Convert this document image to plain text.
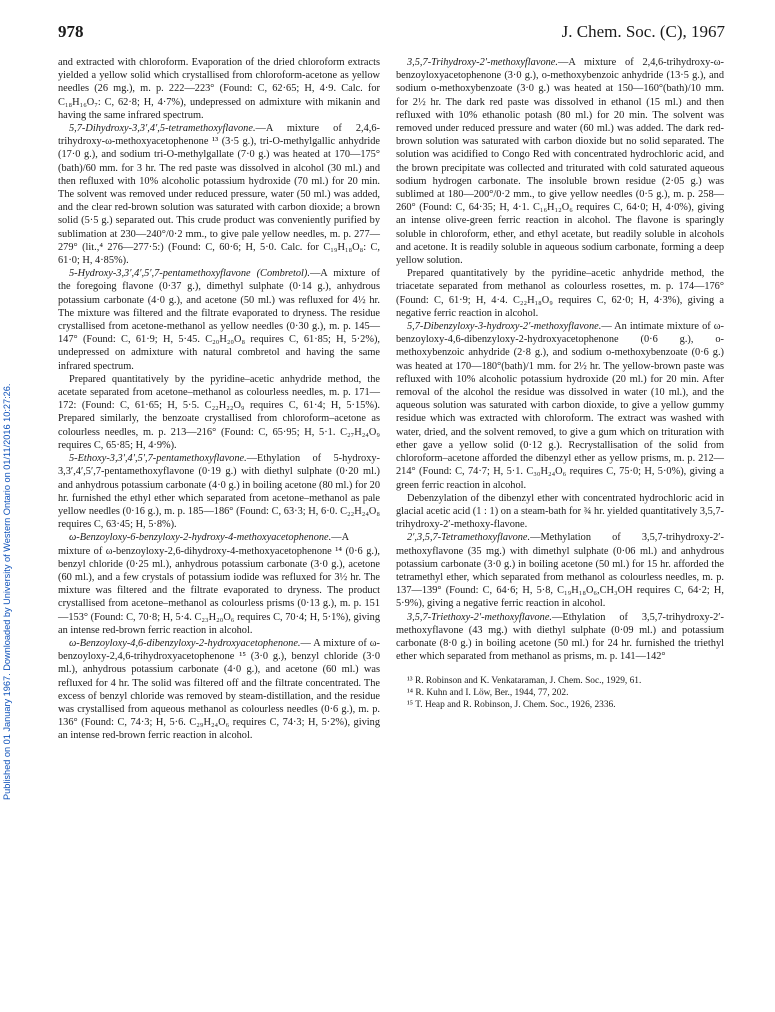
978	J. Chem. Soc. (C), 1967
Published on 01 January 1967. Downloaded by University of Western Ontario on 01/11/2016 10:27:26.

and extracted with chloroform. Evaporation of the dried chloroform extracts yielded a yellow solid which crystallised from chloroform-acetone as yellow needles (26 mg.), m. p. 222—223° (Found: C, 62·65; H, 4·9. Calc. for C₁₈H₁₆O₇: C, 62·8; H, 4·7%), undepressed on admixture with mikanin and having the same infrared spectrum.

5,7-Dihydroxy-3,3′,4′,5-tetramethoxyflavone.—A mixture of 2,4,6-trihydroxy-ω-methoxyacetophenone ¹³ (3·5 g.), tri-O-methylgallic anhydride (17·0 g.), and sodium tri-O-methylgallate (7·0 g.) was heated at 170—175°(bath)/60 mm. for 3 hr. The red paste was dissolved in alcohol (30 ml.) and then refluxed with 10% alcoholic potassium hydroxide (70 ml.) for 20 min. The solvent was removed under reduced pressure, water (50 ml.) was added, and the clear red-brown solution was saturated with carbon dioxide; a brown solid (5·5 g.) separated out. This crude product was conveniently purified by sublimation at 230—240°/0·2 mm., to give pale yellow needles, m. p. 277—279° (lit.,⁴ 276—277·5:) (Found: C, 60·6; H, 5·0. Calc. for C₁₉H₁₈O₈: C, 61·0; H, 4·85%).

5-Hydroxy-3,3′,4′,5′,7-pentamethoxyflavone (Combretol).—A mixture of the foregoing flavone (0·37 g.), dimethyl sulphate (0·14 g.), anhydrous potassium carbonate (4·0 g.), and acetone (50 ml.) was refluxed for 4½ hr. The mixture was filtered and the filtrate evaporated to dryness. The residue crystallised from acetone-methanol as yellow needles (0·30 g.), m. p. 145—147° (Found: C, 61·9; H, 5·45. C₂₀H₂₀O₈ requires C, 61·85; H, 5·2%), undepressed on admixture with natural combretol and having the same infrared spectrum.

Prepared quantitatively by the pyridine–acetic anhydride method, the acetate separated from acetone–methanol as colourless needles, m. p. 171—172: (Found: C, 61·65; H, 5·5. C₂₂H₂₂O₉ requires C, 61·4; H, 5·15%). Prepared similarly, the benzoate crystallised from chloroform–acetone as colourless needles, m. p. 213—216° (Found: C, 65·95; H, 5·1. C₂₇H₂₄O₉ requires C, 65·85; H, 4·9%).

5-Ethoxy-3,3′,4′,5′,7-pentamethoxyflavone.—Ethylation of 5-hydroxy-3,3′,4′,5′,7-pentamethoxyflavone (0·19 g.) with diethyl sulphate (0·20 ml.) and anhydrous potassium carbonate (4·0 g.) in boiling acetone (80 ml.) for 20 hr. furnished the ethyl ether which separated from acetone–methanol as pale yellow needles (0·16 g.), m. p. 185—186° (Found: C, 63·3; H, 6·0. C₂₂H₂₄O₈ requires C, 63·45; H, 5·8%).

ω-Benzoyloxy-6-benzyloxy-2-hydroxy-4-methoxyacetophenone.—A mixture of ω-benzoyloxy-2,6-dihydroxy-4-methoxyacetophenone ¹⁴ (0·6 g.), benzyl chloride (0·25 ml.), anhydrous potassium carbonate (3·0 g.), acetone (60 ml.), and a few crystals of potassium iodide was refluxed for 3½ hr. The mixture was filtered and the filtrate evaporated to dryness. The product crystallised from acetone–methanol as colourless prisms (0·13 g.), m. p. 151—153° (Found: C, 70·8; H, 5·4. C₂₃H₂₀O₆ requires C, 70·4; H, 5·1%), giving an intense red-brown ferric reaction in alcohol.

ω-Benzoyloxy-4,6-dibenzyloxy-2-hydroxyacetophenone.— A mixture of ω-benzoyloxy-2,4,6-trihydroxyacetophenone ¹⁵ (3·0 g.), benzyl chloride (3·0 ml.), anhydrous potassium carbonate (4·0 g.), and acetone (60 ml.) was refluxed for 4 hr. The solid was filtered off and the filtrate concentrated. The excess of benzyl chloride was removed by steam-distillation, and the residue was crystallised from aqueous methanol as colourless needles (0·6 g.), m. p. 136° (Found: C, 74·3; H, 5·6. C₂₉H₂₄O₆ requires C, 74·3; H, 5·2%), giving an intense red-brown ferric reaction in alcohol.

3,5,7-Trihydroxy-2′-methoxyflavone.—A mixture of 2,4,6-trihydroxy-ω-benzoyloxyacetophenone (3·0 g.), o-methoxybenzoic anhydride (13·5 g.), and sodium o-methoxybenzoate (3·0 g.) was heated at 150—160°(bath)/10 mm. for 2½ hr. The dark red paste was dissolved in ethanol (15 ml.) and then refluxed with 10% ethanolic potash (80 ml.) for 20 min. The solvent was removed under reduced pressure and water (60 ml.) was added. The dark red-brown solution was saturated with carbon dioxide but no solid separated. The solution was acidified to Congo Red with concentrated hydrochloric acid, and the brown precipitate was collected and triturated with cold saturated aqueous sodium hydrogen carbonate. The insoluble brown residue (2·05 g.) was sublimed at 180—200°/0·2 mm., to give yellow needles (0·5 g.), m. p. 258—260° (Found: C, 64·35; H, 4·1. C₁₆H₁₂O₆ requires C, 64·0; H, 4·0%), giving an intense olive-green ferric reaction in alcohol. The flavone is sparingly soluble in chloroform, ether, and ethyl acetate, but readily soluble in alcohols and acetone. It is readily soluble in aqueous sodium carbonate, forming a deep yellow solution.

Prepared quantitatively by the pyridine–acetic anhydride method, the triacetate separated from methanol as colourless rosettes, m. p. 174—176° (Found: C, 61·9; H, 4·4. C₂₂H₁₈O₉ requires C, 62·0; H, 4·3%), giving a negative ferric reaction in alcohol.

5,7-Dibenzyloxy-3-hydroxy-2′-methoxyflavone.— An intimate mixture of ω-benzoyloxy-4,6-dibenzyloxy-2-hydroxyacetophenone (0·6 g.), o-methoxybenzoic anhydride (2·8 g.), and sodium o-methoxybenzoate (0·6 g.) was heated at 170—180°(bath)/1 mm. for 2½ hr. The yellow-brown paste was refluxed with 10% alcoholic potassium hydroxide (20 ml.) for 20 min. After removal of the alcohol the residue was dissolved in water (10 ml.), and the aqueous solution was saturated with carbon dioxide, to give a yellow gummy residue which was extracted with chloroform. The extract was washed with water, dried, and the solvent removed, to give a gum which on trituration with ether gave a yellow solid (0·12 g.). Recrystallisation of the solid from chloroform–acetone afforded the dibenzyl ether as yellow prisms, m. p. 212—214° (Found: C, 74·7; H, 5·1. C₃₀H₂₄O₆ requires C, 75·0; H, 5·0%), giving a green ferric reaction in alcohol.

Debenzylation of the dibenzyl ether with concentrated hydrochloric acid in glacial acetic acid (1 : 1) on a steam-bath for ¾ hr. yielded quantitatively 3,5,7-trihydroxy-2′-methoxy-flavone.

2′,3,5,7-Tetramethoxyflavone.—Methylation of 3,5,7-trihydroxy-2′-methoxyflavone (35 mg.) with dimethyl sulphate (0·06 ml.) and anhydrous potassium carbonate (3·0 g.) in boiling acetone (50 ml.) for 15 hr. afforded the tetramethyl ether, which separated from methanol as colourless needles, m. p. 137—139° (Found: C, 64·6; H, 5·8, C₁₉H₁₈O₆,CH₃OH requires C, 64·2; H, 5·9%), giving a negative ferric reaction in alcohol.

3,5,7-Triethoxy-2′-methoxyflavone.—Ethylation of 3,5,7-trihydroxy-2′-methoxyflavone (43 mg.) with diethyl sulphate (0·09 ml.) and potassium carbonate (8·0 g.) in boiling acetone (50 ml.) for 24 hr. furnished the triethyl ether which separated from methanol as prisms, m. p. 141—142°

¹³ R. Robinson and K. Venkataraman, J. Chem. Soc., 1929, 61.

¹⁴ R. Kuhn and I. Löw, Ber., 1944, 77, 202.

¹⁵ T. Heap and R. Robinson, J. Chem. Soc., 1926, 2336.
